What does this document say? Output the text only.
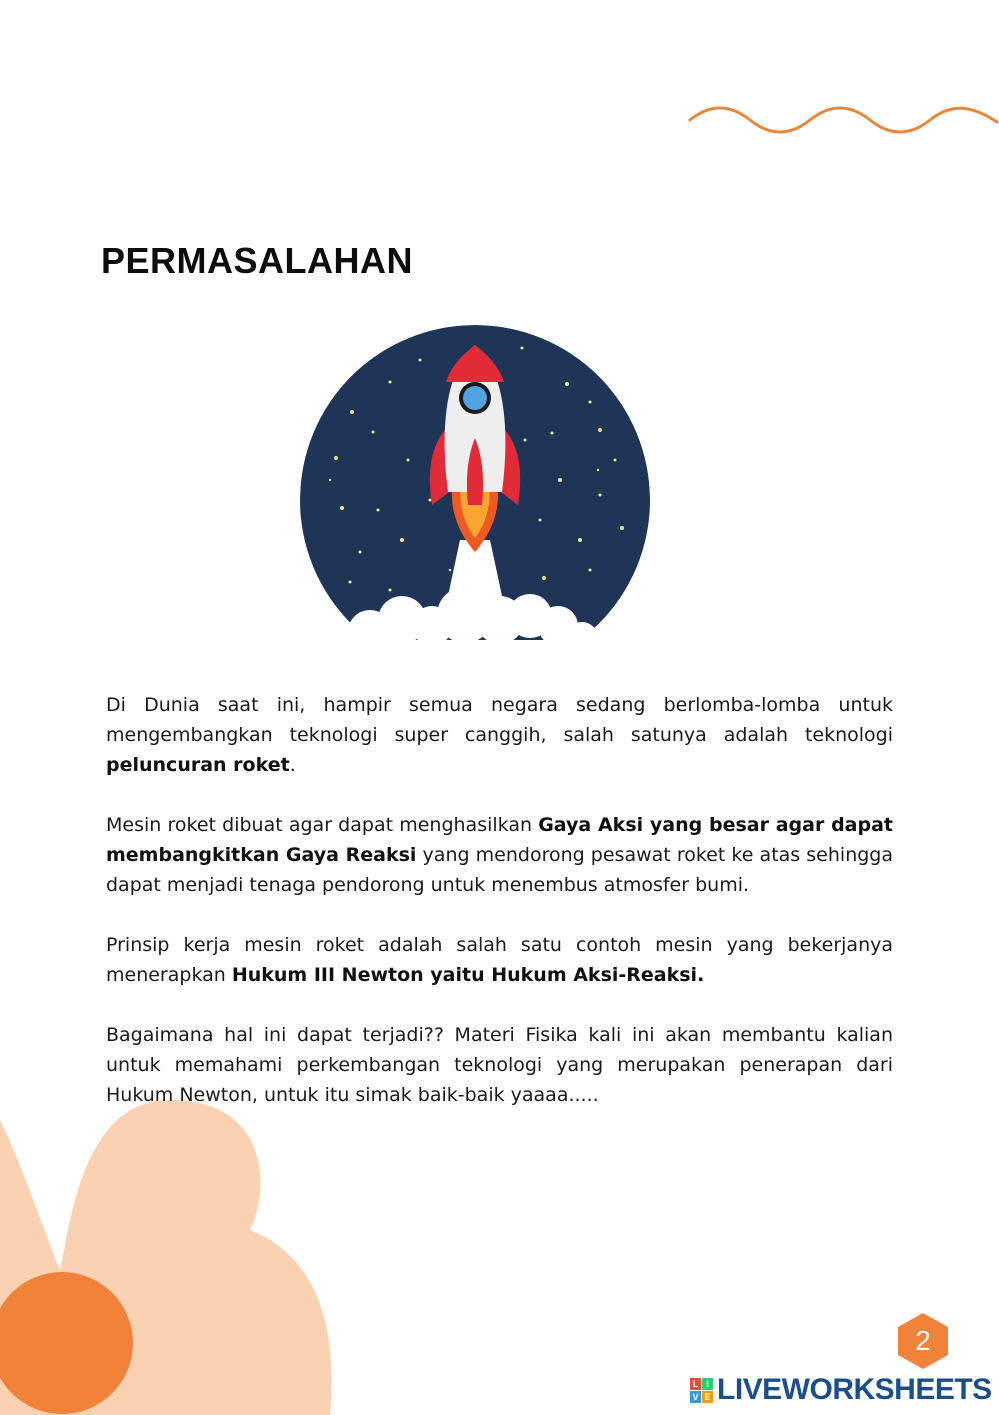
PERMASALAHAN

Di Dunia saat ini, hampir semua negara sedang berlomba-lomba untuk mengembangkan teknologi super canggih, salah satunya adalah teknologi peluncuran roket.

Mesin roket dibuat agar dapat menghasilkan Gaya Aksi yang besar agar dapat membangkitkan Gaya Reaksi yang mendorong pesawat roket ke atas sehingga dapat menjadi tenaga pendorong untuk menembus atmosfer bumi.

Prinsip kerja mesin roket adalah salah satu contoh mesin yang bekerjanya menerapkan Hukum III Newton yaitu Hukum Aksi-Reaksi.

Bagaimana hal ini dapat terjadi?? Materi Fisika kali ini akan membantu kalian untuk memahami perkembangan teknologi yang merupakan penerapan dari Hukum Newton, untuk itu simak baik-baik yaaaa.....

2
L I
V E LIVEWORKSHEETS
